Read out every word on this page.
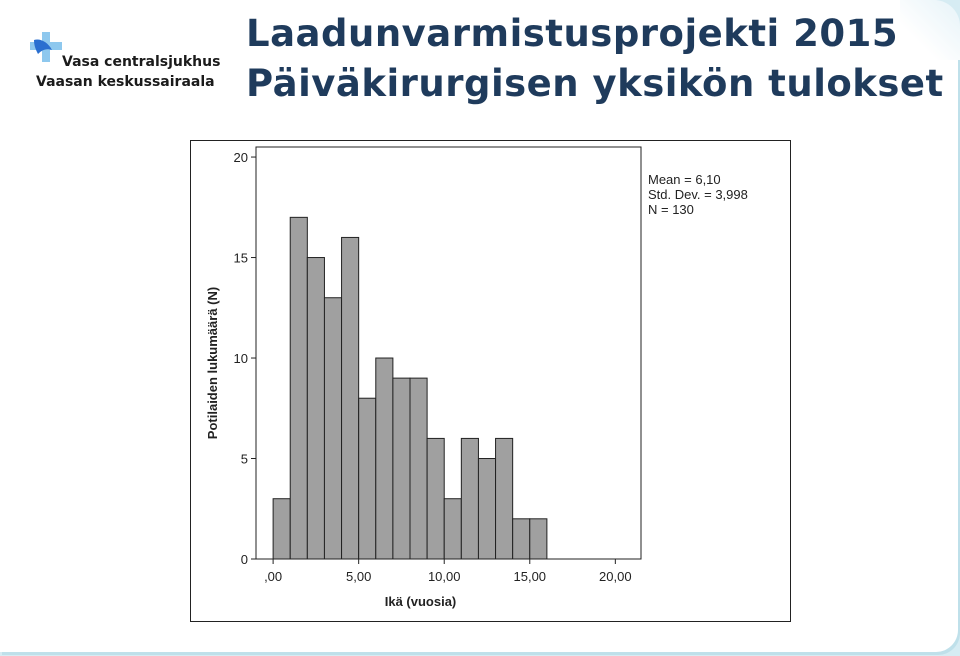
Vasa centralsjukhus
Vaasan keskussairaala
Laadunvarmistusprojekti 2015
Päiväkirurgisen yksikön tulokset
0
5
10
15
20
,00	5,00	10,00	15,00	20,00
Ikä (vuosia)
Potilaiden lukumäärä (N)
Mean = 6,10
Std. Dev. = 3,998
N = 130
